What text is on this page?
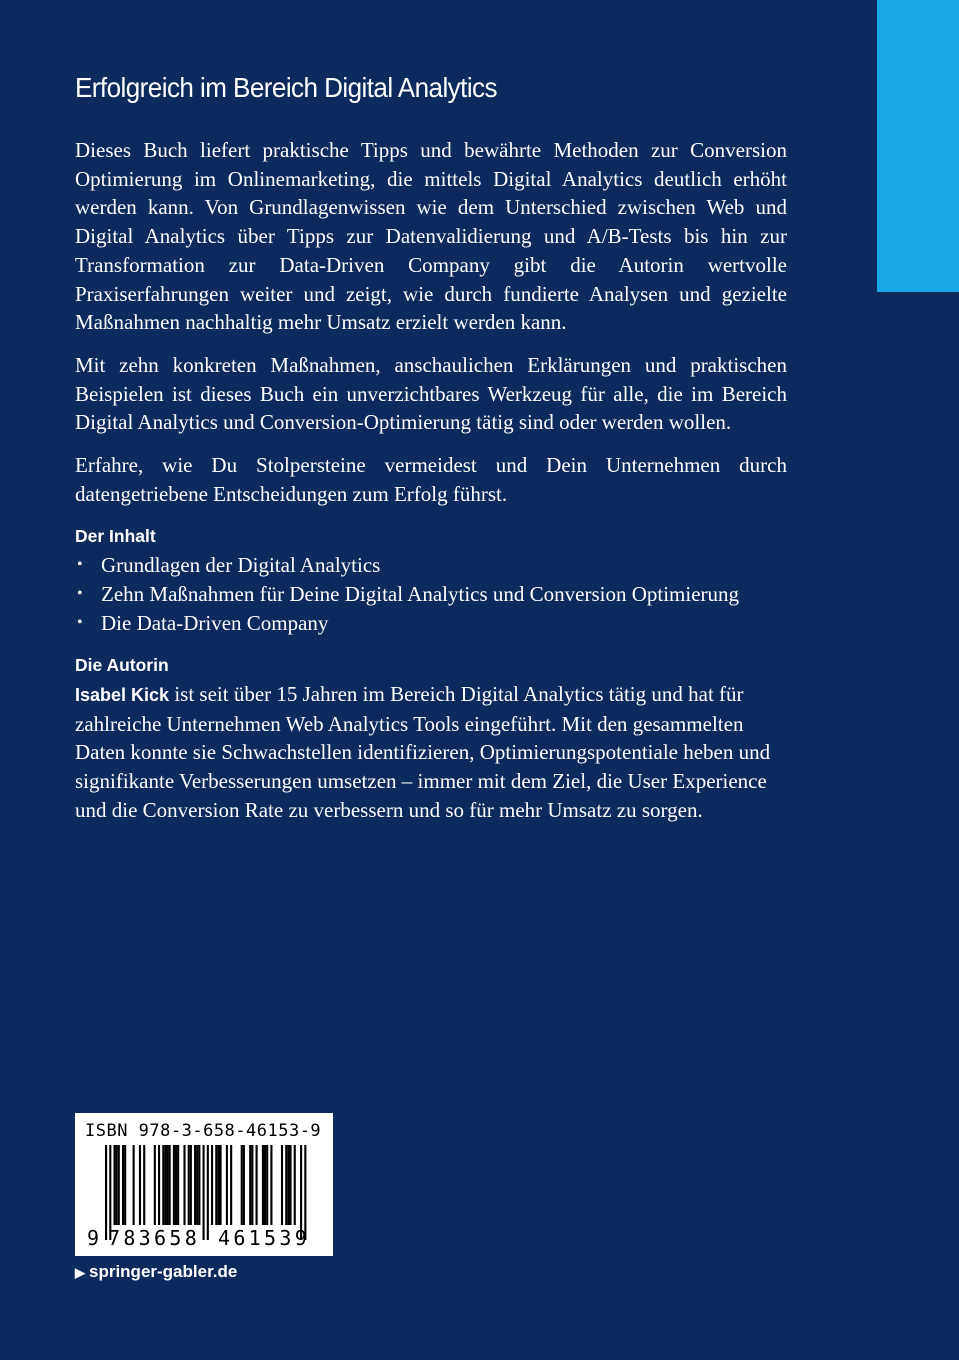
Erfolgreich im Bereich Digital Analytics

Dieses Buch liefert praktische Tipps und bewährte Methoden zur Conversion Optimierung im Onlinemarketing, die mittels Digital Analytics deutlich erhöht werden kann. Von Grundlagenwissen wie dem Unterschied zwischen Web und Digital Analytics über Tipps zur Datenvalidierung und A/B-Tests bis hin zur Transformation zur Data-Driven Company gibt die Autorin wertvolle Praxiserfahrungen weiter und zeigt, wie durch fundierte Analysen und gezielte Maßnahmen nachhaltig mehr Umsatz erzielt werden kann.

Mit zehn konkreten Maßnahmen, anschaulichen Erklärungen und praktischen Beispielen ist dieses Buch ein unverzichtbares Werkzeug für alle, die im Bereich Digital Analytics und Conversion-Optimierung tätig sind oder werden wollen.

Erfahre, wie Du Stolpersteine vermeidest und Dein Unternehmen durch datengetriebene Entscheidungen zum Erfolg führst.

Der Inhalt
• Grundlagen der Digital Analytics
• Zehn Maßnahmen für Deine Digital Analytics und Conversion Optimierung
• Die Data-Driven Company
Die Autorin

Isabel Kick ist seit über 15 Jahren im Bereich Digital Analytics tätig und hat für zahlreiche Unternehmen Web Analytics Tools eingeführt. Mit den gesammelten Daten konnte sie Schwachstellen identifizieren, Optimierungspotentiale heben und signifikante Verbesserungen umsetzen – immer mit dem Ziel, die User Experience und die Conversion Rate zu verbessern und so für mehr Umsatz zu sorgen.

ISBN 978-3-658-46153-9
9 783658 461539
▶ springer-gabler.de
